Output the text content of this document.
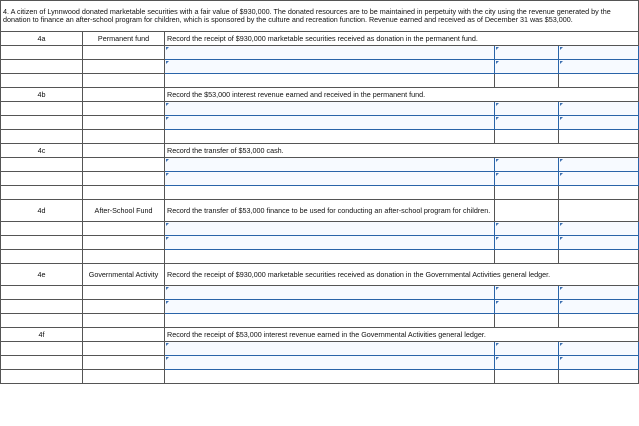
4. A citizen of Lynnwood donated marketable securities with a fair value of $930,000. The donated resources are to be maintained in perpetuity with the city using the revenue generated by the donation to finance an after-school program for children, which is sponsored by the culture and recreation function. Revenue earned and received as of December 31 was $53,000.				
4a	Permanent fund	Record the receipt of $930,000 marketable securities received as donation in the permanent fund.		

4b		Record the $53,000 interest revenue earned and received in the permanent fund.		

4c		Record the transfer of $53,000 cash.		

4d	After-School Fund	Record the transfer of $53,000 finance to be used for conducting an after-school program for children.		

4e	Governmental Activity	Record the receipt of $930,000 marketable securities received as donation in the Governmental Activities general ledger.		

4f		Record the receipt of $53,000 interest revenue earned in the Governmental Activities general ledger.		
